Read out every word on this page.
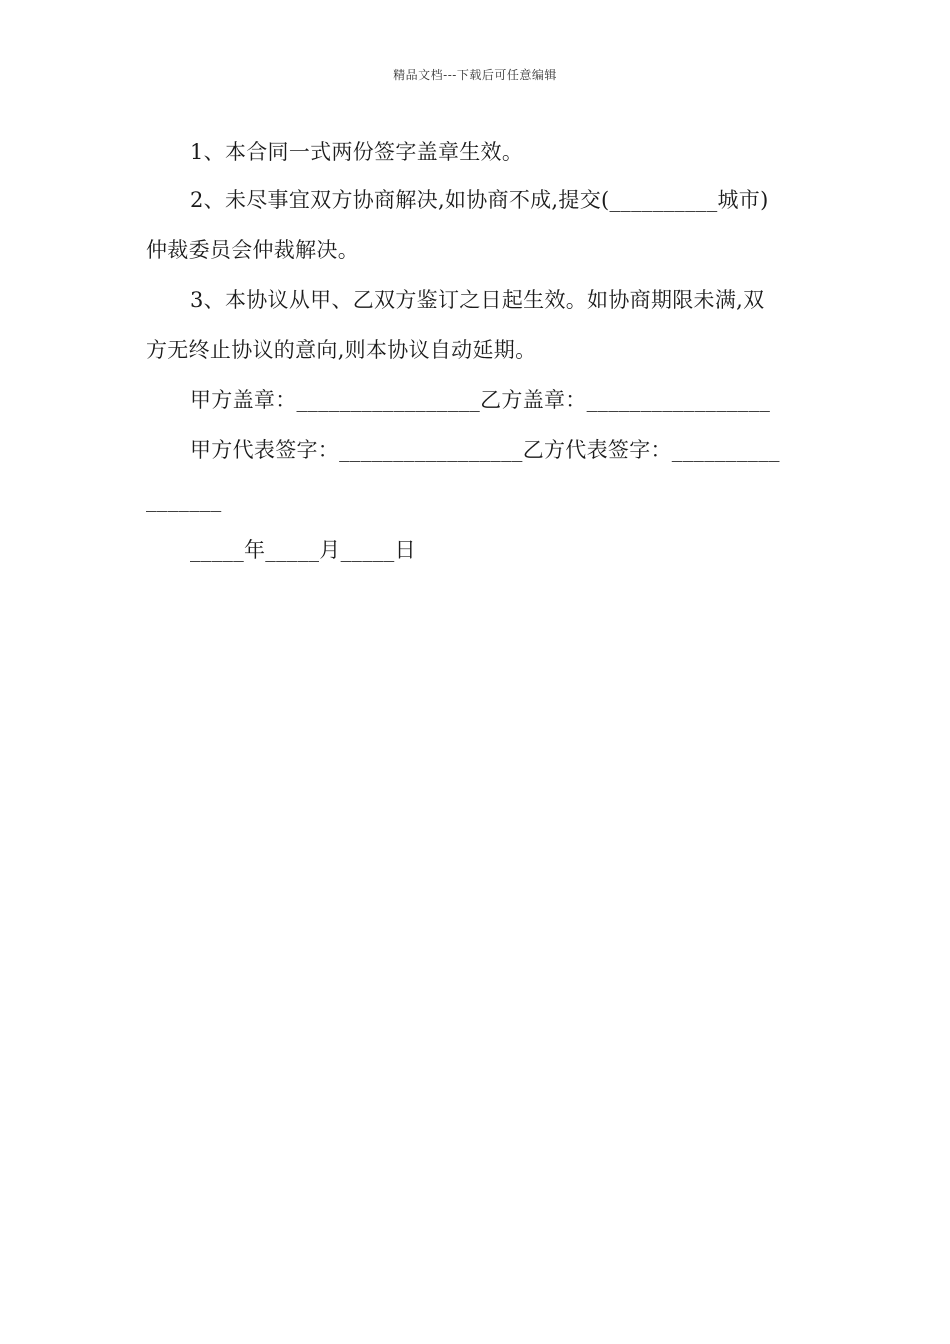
精品文档---下载后可任意编辑
1、本合同一式两份签字盖章生效。
2、未尽事宜双方协商解决,如协商不成,提交(__________城市)
仲裁委员会仲裁解决。
3、本协议从甲、乙双方鉴订之日起生效。如协商期限未满,双
方无终止协议的意向,则本协议自动延期。
甲方盖章：_________________乙方盖章：_________________
甲方代表签字：_________________乙方代表签字：__________
_______
_____年_____月_____日
